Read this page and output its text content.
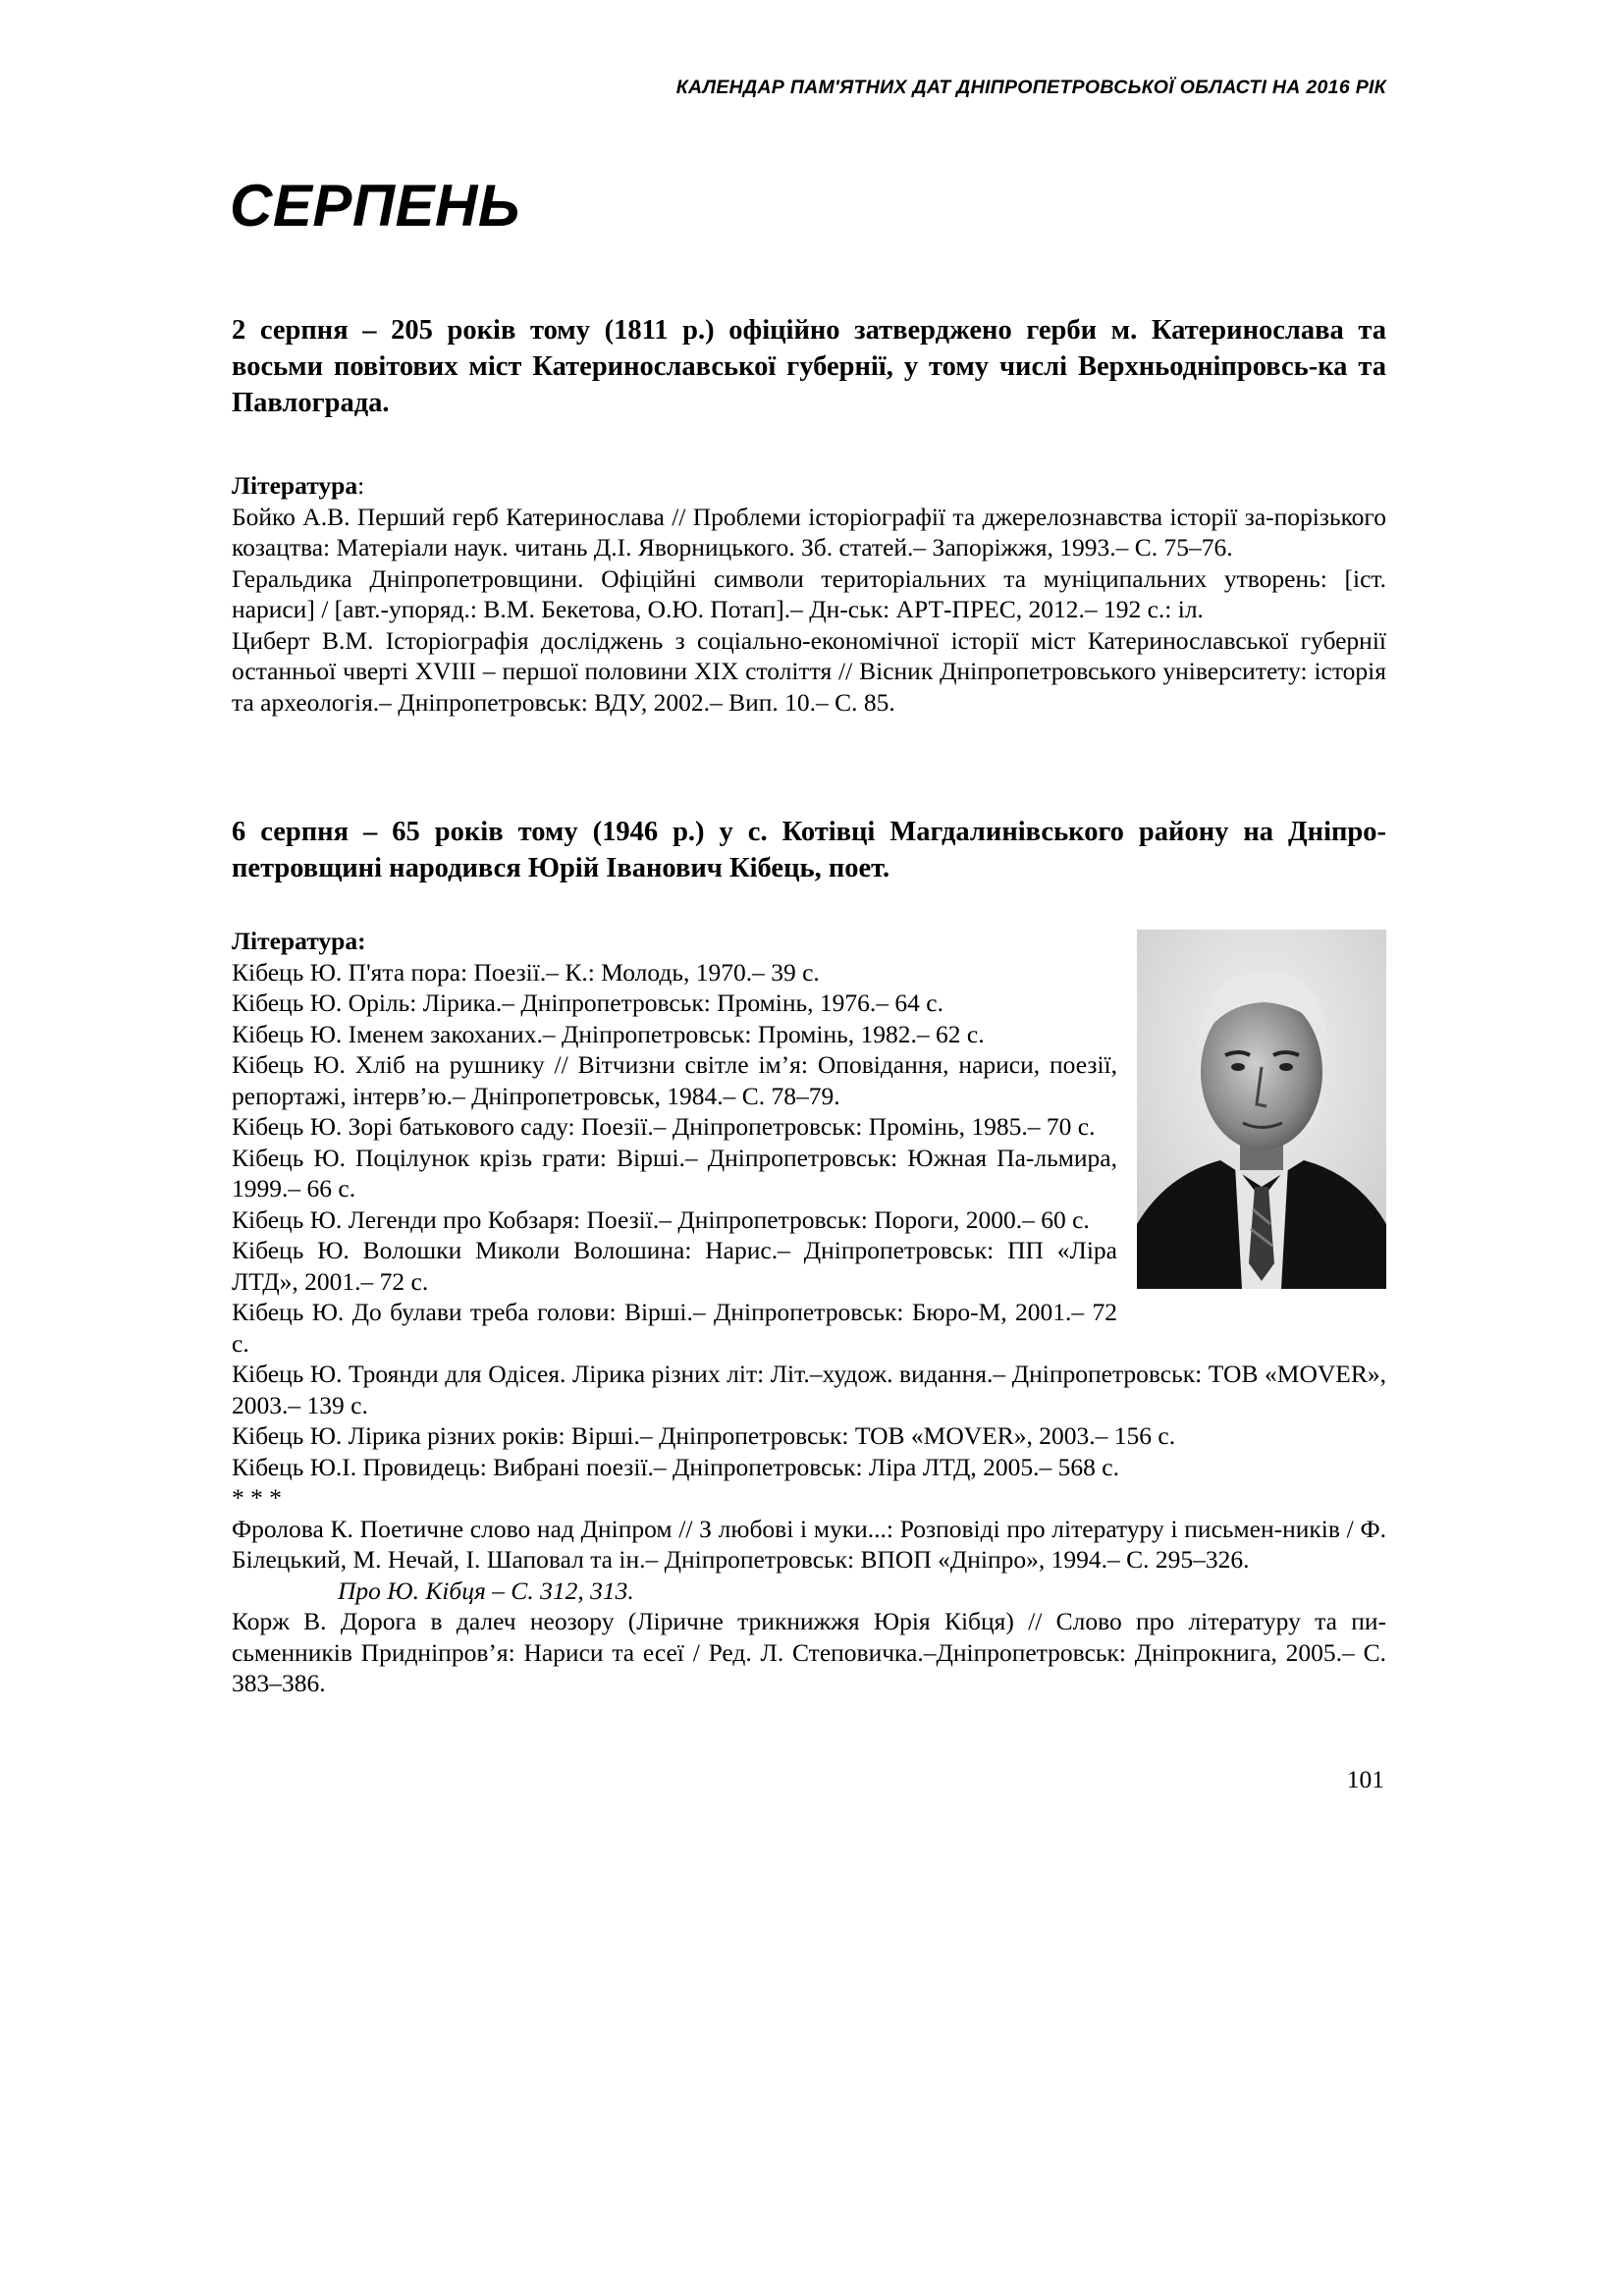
КАЛЕНДАР ПАМ'ЯТНИХ ДАТ ДНІПРОПЕТРОВСЬКОЇ ОБЛАСТІ НА 2016 РІК
СЕРПЕНЬ

2 серпня – 205 років тому (1811 р.) офіційно затверджено герби м. Катеринослава та восьми повітових міст Катеринославської губернії, у тому числі Верхньодніпровсь-ка та Павлограда.

Література:

Бойко А.В. Перший герб Катеринослава // Проблеми історіографії та джерелознавства історії за-порізького козацтва: Матеріали наук. читань Д.І. Яворницького. Зб. статей.– Запоріжжя, 1993.– С. 75–76.

Геральдика Дніпропетровщини. Офіційні символи територіальних та муніципальних утворень: [іст. нариси] / [авт.-упоряд.: В.М. Бекетова, О.Ю. Потап].– Дн-ськ: АРТ-ПРЕС, 2012.– 192 с.: іл.

Циберт В.М. Історіографія досліджень з соціально-економічної історії міст Катеринославської губернії останньої чверті XVIII – першої половини XIX століття // Вісник Дніпропетровського університету: історія та археологія.– Дніпропетровськ: ВДУ, 2002.– Вип. 10.– С. 85.

6 серпня – 65 років тому (1946 р.) у с. Котівці Магдалинівського району на Дніпро-петровщині народився Юрій Іванович Кібець, поет.

Література:

Кібець Ю. П'ята пора: Поезії.– К.: Молодь, 1970.– 39 с.

Кібець Ю. Оріль: Лірика.– Дніпропетровськ: Промінь, 1976.– 64 с.

Кібець Ю. Іменем закоханих.– Дніпропетровськ: Промінь, 1982.– 62 с.

Кібець Ю. Хліб на рушнику // Вітчизни світле ім’я: Оповідання, нариси, поезії, репортажі, інтерв’ю.– Дніпропетровськ, 1984.– С. 78–79.

Кібець Ю. Зорі батькового саду: Поезії.– Дніпропетровськ: Промінь, 1985.– 70 с.

Кібець Ю. Поцілунок крізь грати: Вірші.– Дніпропетровськ: Южная Па-льмира, 1999.– 66 с.

Кібець Ю. Легенди про Кобзаря: Поезії.– Дніпропетровськ: Пороги, 2000.– 60 с.

Кібець Ю. Волошки Миколи Волошина: Нарис.– Дніпропетровськ: ПП «Ліра ЛТД», 2001.– 72 с.

Кібець Ю. До булави треба голови: Вірші.– Дніпропетровськ: Бюро-М, 2001.– 72 с.

Кібець Ю. Троянди для Одісея. Лірика різних літ: Літ.–худож. видання.– Дніпропетровськ: ТОВ «MOVER», 2003.– 139 с.

Кібець Ю. Лірика різних років: Вірші.– Дніпропетровськ: ТОВ «MOVER», 2003.– 156 с.

Кібець Ю.І. Провидець: Вибрані поезії.– Дніпропетровськ: Ліра ЛТД, 2005.– 568 с.

* * *

Фролова К. Поетичне слово над Дніпром // З любові і муки...: Розповіді про літературу і письмен-ників / Ф. Білецький, М. Нечай, І. Шаповал та ін.– Дніпропетровськ: ВПОП «Дніпро», 1994.– С. 295–326.

Про Ю. Кібця – С. 312, 313.

Корж В. Дорога в далеч неозору (Ліричне трикнижжя Юрія Кібця) // Слово про літературу та пи-сьменників Придніпров’я: Нариси та есеї / Ред. Л. Степовичка.–Дніпропетровськ: Дніпрокнига, 2005.– С. 383–386.

101
